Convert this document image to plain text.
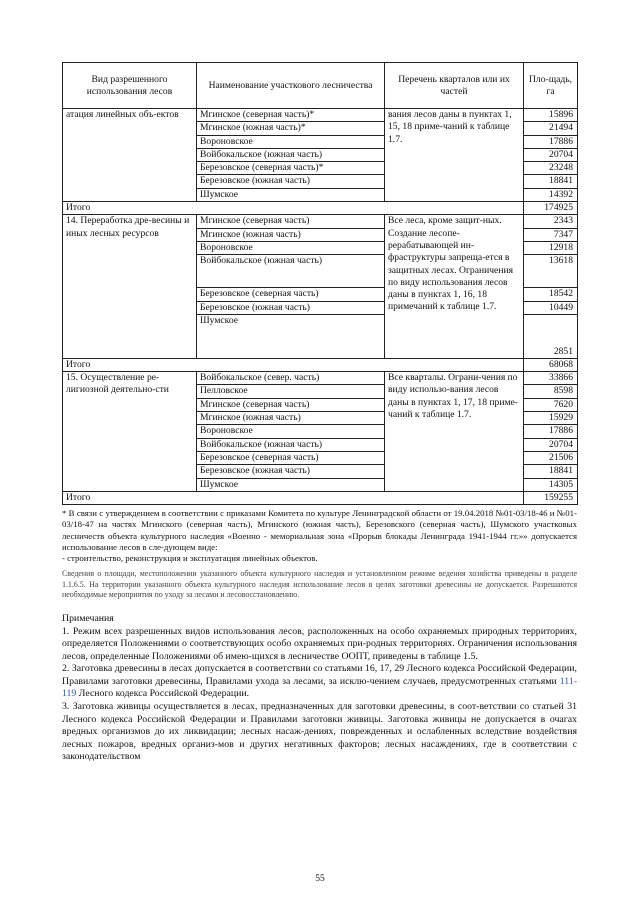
Вид разрешенного использования лесов	Наименование участкового лесничества	Перечень кварталов или их частей	Пло-щадь, га
атация линейных объ-ектов	Мгинское (северная часть)*	вания лесов даны в пунктах 1, 15, 18 приме-чаний к таблице 1.7.	15896
	Мгинское (южная часть)*		21494
	Вороновское		17886
	Войбокальское (южная часть)		20704
	Березовское (северная часть)*		23248
	Березовское (южная часть)		18841
	Шумское		14392
Итого			174925
14. Переработка дре-весины и иных лесных ресурсов	Мгинское (северная часть)	Все леса, кроме защит-ных. Создание лесопе-рерабатывающей ин-фраструктуры запреща-ется в защитных лесах. Ограничения по виду использования лесов даны в пунктах 1, 16, 18 примечаний к таблице 1.7.	2343
	Мгинское (южная часть)		7347
	Вороновское		12918
	Войбокальское (южная часть)		13618
	Березовское (северная часть)		18542
	Березовское (южная часть)		10449
	Шумское		2851
Итого			68068
15. Осуществление ре-лигиозной деятельно-сти	Войбокальское (север. часть)	Все кварталы. Ограни-чения по виду использо-вания лесов даны в пунктах 1, 17, 18 приме-чаний к таблице 1.7.	33866
	Пелловское		8598
	Мгинское (северная часть)		7620
	Мгинское (южная часть)		15929
	Вороновское		17886
	Войбокальское (южная часть)		20704
	Березовское (северная часть)		21506
	Березовское (южная часть)		18841
	Шумское		14305
Итого			159255

* В связи с утверждением в соответствии с приказами Комитета по культуре Ленинградской области от 19.04.2018 №01-03/18-46 и №01-03/18-47 на частях Мгинского (северная часть), Мгинского (южная часть), Березовского (северная часть), Шумского участковых лесничеств объекта культурного наследия «Военно - мемориальная зона «Прорыв блокады Ленинграда 1941-1944 гг.»» допускается использование лесов в сле-дующем виде:

- строительство, реконструкция и эксплуатация линейных объектов.

Сведения о площади, местоположении указанного объекта культурного наследия и установленном режиме ведения хозяйства приведены в разделе 1.1.6.5. На территории указанного объекта культурного наследия использование лесов в целях заготовки древесины не допускается. Разрешаются необходимые мероприятия по уходу за лесами и лесовосстановлению.

Примечания

1. Режим всех разрешенных видов использования лесов, расположенных на особо охраняемых природных территориях, определяется Положениями о соответствующих особо охраняемых при-родных территориях. Ограничения использования лесов, определенные Положениями об имею-щихся в лесничестве ООПТ, приведены в таблице 1.5.

2. Заготовка древесины в лесах допускается в соответствии со статьями 16, 17, 29 Лесного кодекса Российской Федерации, Правилами заготовки древесины, Правилами ухода за лесами, за исклю-чением случаев, предусмотренных статьями 111-119 Лесного кодекса Российской Федерации.

3. Заготовка живицы осуществляется в лесах, предназначенных для заготовки древесины, в соот-ветствии со статьей 31 Лесного кодекса Российской Федерации и Правилами заготовки живицы. Заготовка живицы не допускается в очагах вредных организмов до их ликвидации; лесных насаж-дениях, поврежденных и ослабленных вследствие воздействия лесных пожаров, вредных организ-мов и других негативных факторов; лесных насаждениях, где в соответствии с законодательством

55
